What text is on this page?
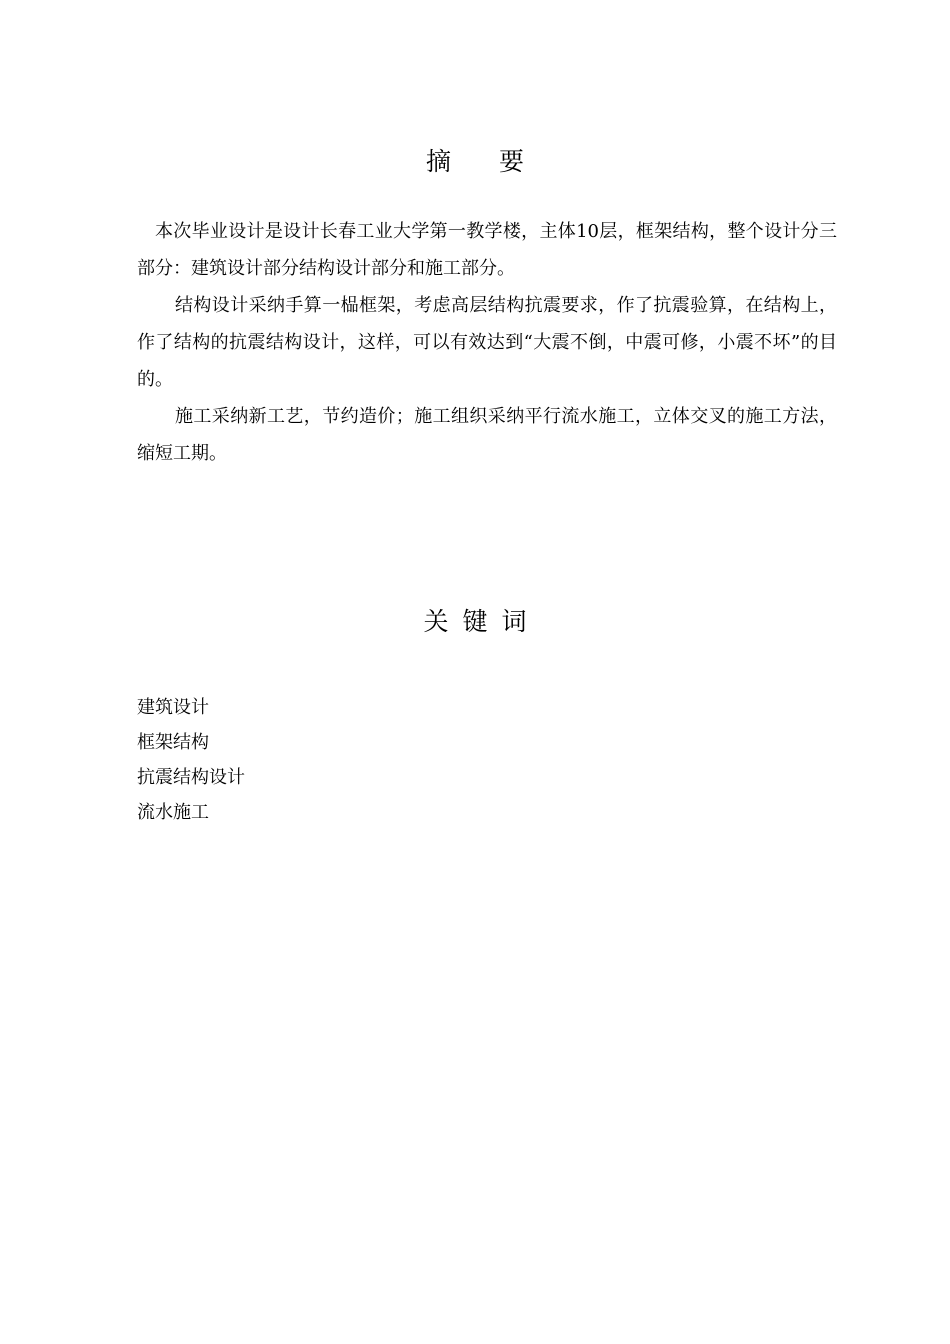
摘要

本次毕业设计是设计长春工业大学第一教学楼，主体10层，框架结构，整个设计分三部分：建筑设计部分结构设计部分和施工部分。

结构设计采纳手算一榀框架，考虑高层结构抗震要求，作了抗震验算，在结构上，作了结构的抗震结构设计，这样，可以有效达到“大震不倒，中震可修，小震不坏”的目的。

施工采纳新工艺，节约造价；施工组织采纳平行流水施工，立体交叉的施工方法，缩短工期。

关键词
建筑设计
框架结构
抗震结构设计
流水施工
